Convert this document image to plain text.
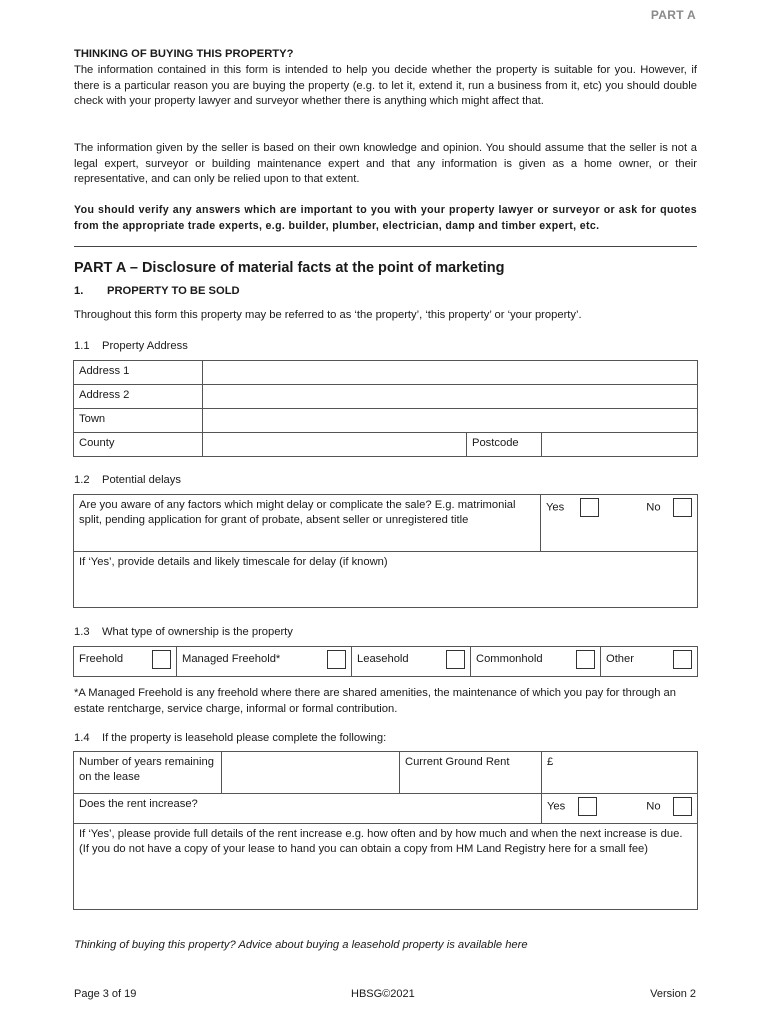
PART A
THINKING OF BUYING THIS PROPERTY?
The information contained in this form is intended to help you decide whether the property is suitable for you. However, if there is a particular reason you are buying the property (e.g. to let it, extend it, run a business from it, etc) you should double check with your property lawyer and surveyor whether there is anything which might affect that.
The information given by the seller is based on their own knowledge and opinion. You should assume that the seller is not a legal expert, surveyor or building maintenance expert and that any information is given as a home owner, or their representative, and can only be relied upon to that extent.
You should verify any answers which are important to you with your property lawyer or surveyor or ask for quotes from the appropriate trade experts, e.g. builder, plumber, electrician, damp and timber expert, etc.
PART A – Disclosure of material facts at the point of marketing
1. PROPERTY TO BE SOLD
Throughout this form this property may be referred to as ‘the property’, ‘this property’ or ‘your property’.
1.1    Property Address
Address 1			
Address 2			
Town			
County		Postcode	
1.2    Potential delays
Are you aware of any factors which might delay or complicate the sale? E.g. matrimonial split, pending application for grant of probate, absent seller or unregistered title	
Yes	No

If ‘Yes’, provide details and likely timescale for delay (if known)
1.3    What type of ownership is the property
Freehold	Managed Freehold*	Leasehold	Commonhold	Other
*A Managed Freehold is any freehold where there are shared amenities, the maintenance of which you pay for through an estate rentcharge, service charge, informal or formal contribution.
1.4    If the property is leasehold please complete the following:
Number of years remaining on the lease		Current Ground Rent	£
Does the rent increase?			Yes No

If ‘Yes’, please provide full details of the rent increase e.g. how often and by how much and when the next increase is due. (If you do not have a copy of your lease to hand you can obtain a copy from HM Land Registry here for a small fee)			
Thinking of buying this property? Advice about buying a leasehold property is available here
Page 3 of 19	HBSG©2021	Version 2
